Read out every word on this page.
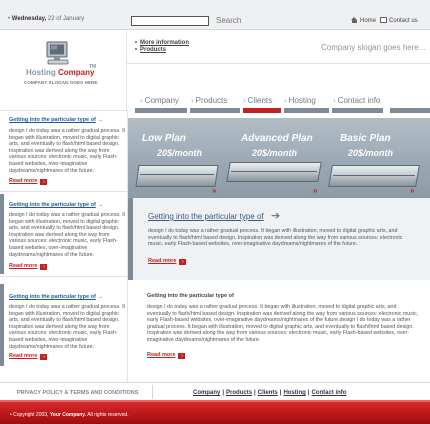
• Wednesday, 22 of January	Search	Home	Contact us
Hosting Company
TM
COMPANY SLOGAN GOES HERE
More information
Products	Company slogan goes here...
› Company	› Products	› Clients	› Hosting	› Contact info
Getting into the particular type of →
design I do today was a rather gradual process. It began with illustration, moved to digital graphic arts, and eventually to flash/html based design. Inspiration was derived along the way from various sources: electronic music, early Flash-based websites, over-imaginative daydreams/nightmares of the future.
Read more ›
Getting into the particular type of →
design I do today was a rather gradual process. It began with illustration, moved to digital graphic arts, and eventually to flash/html based design. Inspiration was derived along the way from various sources: electronic music, early Flash-based websites, over-imaginative daydreams/nightmares of the future.
Read more ›
Getting into the particular type of →
design I do today was a rather gradual process. It began with illustration, moved to digital graphic arts, and eventually to flash/html based design. Inspiration was derived along the way from various sources: electronic music, early Flash-based websites, over-imaginative daydreams/nightmares of the future.
Read more ›
Low Plan
20$/month
Advanced Plan
20$/month
Basic Plan
20$/month
»	»	»
Getting into the particular type of ➔
design I do today was a rather gradual process. It began with illustration, moved to digital graphic arts, and eventually to flash/html based design. Inspiration was derived along the way from various sources: electronic music, early Flash-based websites, over-imaginative daydreams/nightmares of the future.
Read more ›
Getting into the particular type of
design I do today was a rather gradual process. It began with illustration, moved to digital graphic arts, and eventually to flash/html based design. Inspiration was derived along the way from various sources: electronic music, early Flash-based websites, over-imaginative daydreams/nightmares of the future.design I do today was a rather gradual process. It began with illustration, moved to digital graphic arts, and eventually to flash/html based design. Inspiration was derived along the way from various sources: electronic music, early Flash-based websites, over-imaginative daydreams/nightmares of the future.
Read more ›
PRIVACY POLICY & TERMS AND CONDITIONS	Company | Products | Clients | Hosting | Contact info
• Copyright 2003, Your Company. All rights reserved.
